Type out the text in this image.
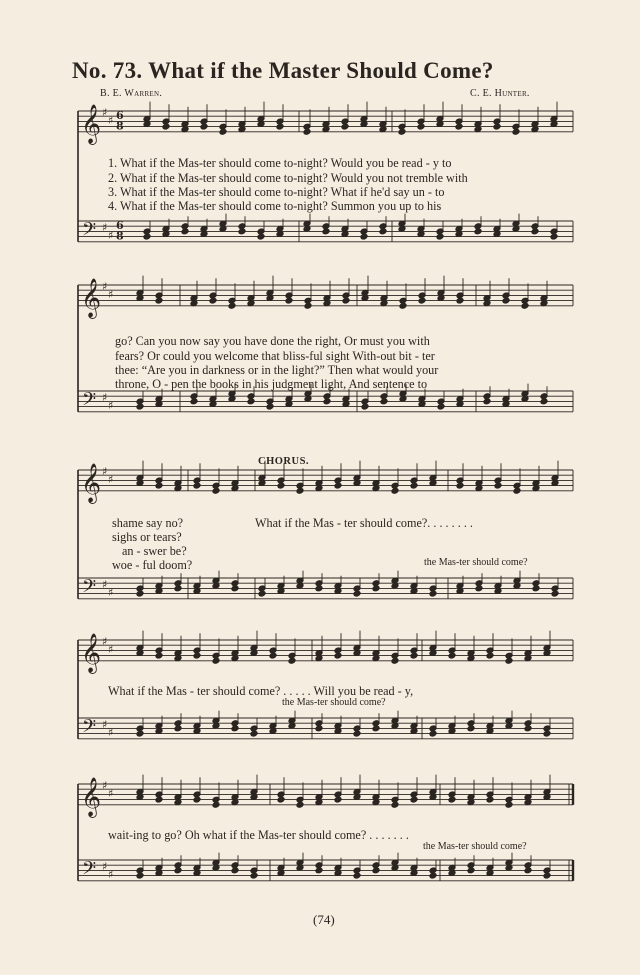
No. 73. What if the Master Should Come?
B. E. Warren.	C. E. Hunter.
𝄞
𝄢
♯
♯
♯
♯
6
6
8
8
𝄞
𝄢
♯
♯
♯
♯
𝄞
𝄢
♯
♯
♯
♯
𝄞
𝄢
♯
♯
♯
♯
𝄞
𝄢
♯
♯
♯
♯
1. What if the Mas-ter should come to-night? Would you be read - y to
2. What if the Mas-ter should come to-night? Would you not tremble with
3. What if the Mas-ter should come to-night? What if he'd say un - to
4. What if the Mas-ter should come to-night? Summon you up to his
go? Can you now say you have done the right, Or must you with
fears? Or could you welcome that bliss-ful sight With-out bit - ter
thee: “Are you in darkness or in the light?” Then what would your
throne, O - pen the books in his judgment light, And sentence to
CHORUS.
shame say no?
sighs or tears?
an - swer be?
woe - ful doom?
What if the Mas - ter should come?. . . . . . . .
the Mas-ter should come?
What if the Mas - ter should come? . . . . . Will you be read - y,
the Mas-ter should come?
wait-ing to go? Oh what if the Mas-ter should come? . . . . . . .
the Mas-ter should come?
(74)
